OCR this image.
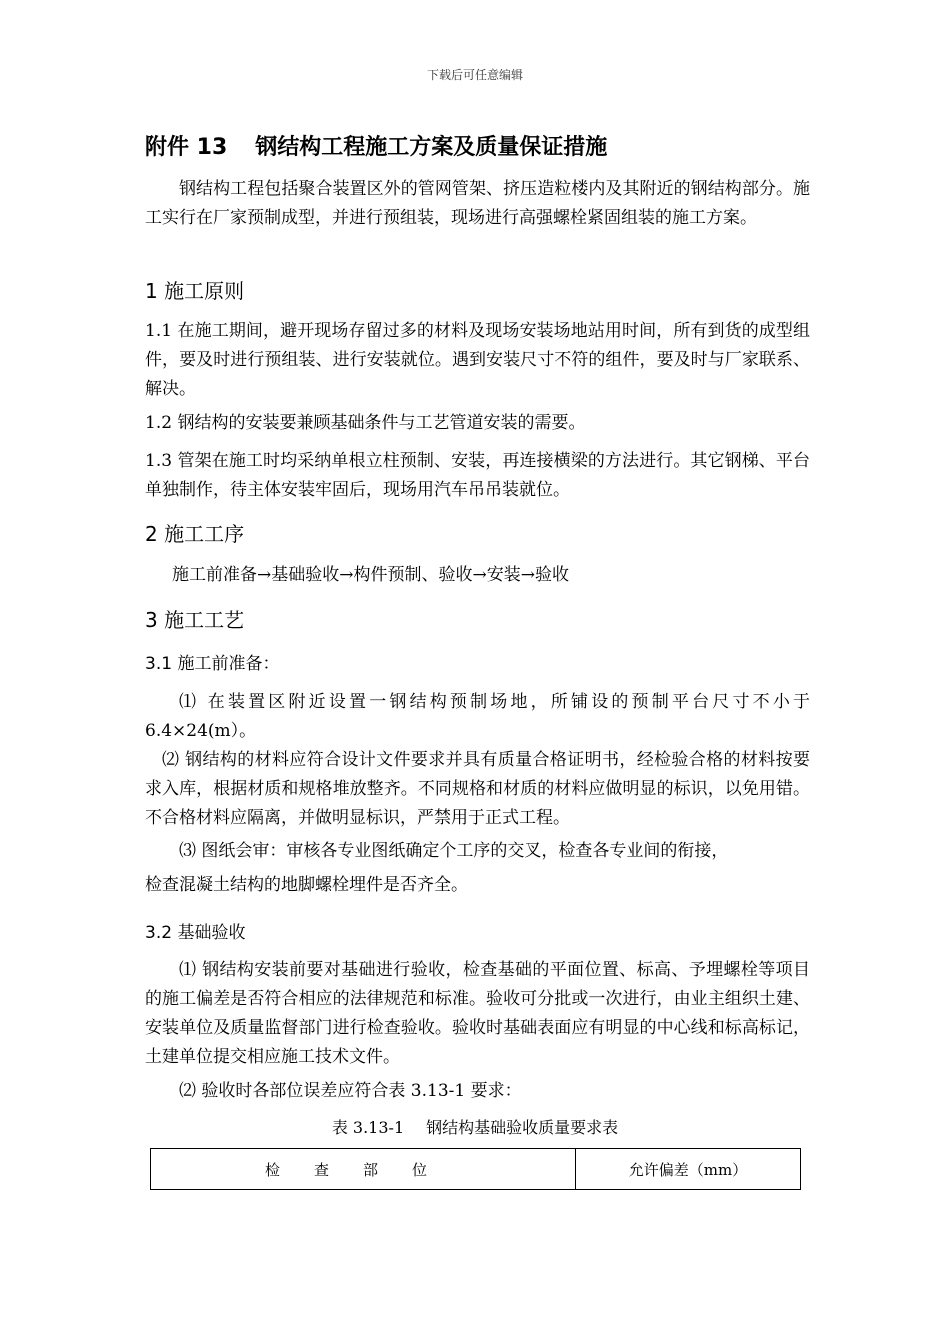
下载后可任意编辑
附件 13 钢结构工程施工方案及质量保证措施
钢结构工程包括聚合装置区外的管网管架、挤压造粒楼内及其附近的钢结构部分。施工实行在厂家预制成型，并进行预组装，现场进行高强螺栓紧固组装的施工方案。
1 施工原则
1.1 在施工期间，避开现场存留过多的材料及现场安装场地站用时间，所有到货的成型组件，要及时进行预组装、进行安装就位。遇到安装尺寸不符的组件，要及时与厂家联系、解决。
1.2 钢结构的安装要兼顾基础条件与工艺管道安装的需要。
1.3 管架在施工时均采纳单根立柱预制、安装，再连接横梁的方法进行。其它钢梯、平台单独制作，待主体安装牢固后，现场用汽车吊吊装就位。
2 施工工序
施工前准备→基础验收→构件预制、验收→安装→验收
3 施工工艺
3.1 施工前准备：
⑴ 在装置区附近设置一钢结构预制场地，所铺设的预制平台尺寸不小于6.4×24(m）。
⑵ 钢结构的材料应符合设计文件要求并具有质量合格证明书，经检验合格的材料按要求入库，根据材质和规格堆放整齐。不同规格和材质的材料应做明显的标识，以免用错。不合格材料应隔离，并做明显标识，严禁用于正式工程。
⑶ 图纸会审：审核各专业图纸确定个工序的交叉，检查各专业间的衔接，
检查混凝土结构的地脚螺栓埋件是否齐全。
3.2 基础验收
⑴ 钢结构安装前要对基础进行验收，检查基础的平面位置、标高、予埋螺栓等项目的施工偏差是否符合相应的法律规范和标准。验收可分批或一次进行，由业主组织土建、安装单位及质量监督部门进行检查验收。验收时基础表面应有明显的中心线和标高标记，土建单位提交相应施工技术文件。
⑵ 验收时各部位误差应符合表 3.13-1 要求：
表 3.13-1 钢结构基础验收质量要求表
检查部位	允许偏差（mm）
